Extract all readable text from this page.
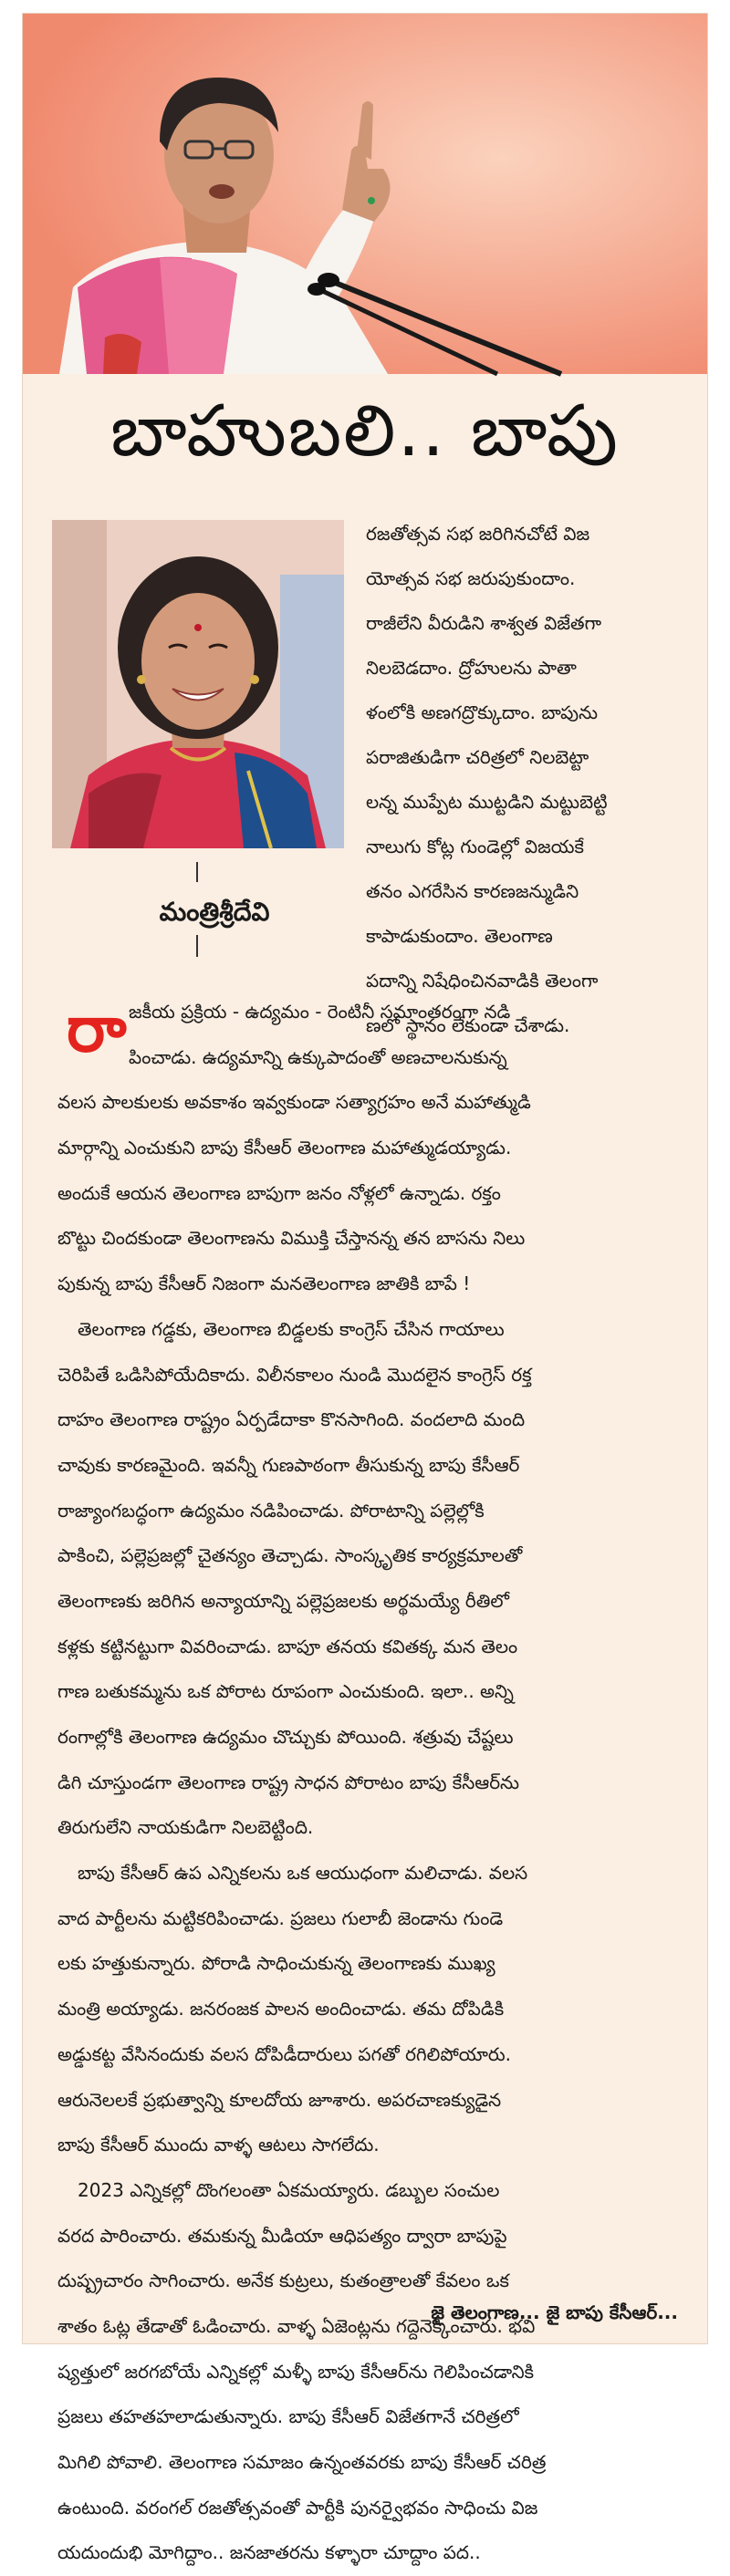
బాహుబలి.. బాపు
మంత్రిశ్రీదేవి
రజతోత్సవ సభ జరిగినచోటే విజ
యోత్సవ సభ జరుపుకుందాం.
రాజీలేని వీరుడిని శాశ్వత విజేతగా
నిలబెడదాం. ద్రోహులను పాతా
ళంలోకి అణగద్రొక్కుదాం. బాపును
పరాజితుడిగా చరిత్రలో నిలబెట్టా
లన్న ముప్పేట ముట్టడిని మట్టుబెట్టి
నాలుగు కోట్ల గుండెల్లో విజయకే
తనం ఎగరేసిన కారణజన్ముడిని
కాపాడుకుందాం. తెలంగాణ
పదాన్ని నిషేధించినవాడికి తెలంగా
ణలో స్థానం లేకుండా చేశాడు.
రా జకీయ ప్రక్రియ - ఉద్యమం - రెంటినీ సమాంతరంగా నడి
పించాడు. ఉద్యమాన్ని ఉక్కుపాదంతో అణచాలనుకున్న
వలస పాలకులకు అవకాశం ఇవ్వకుండా సత్యాగ్రహం అనే మహాత్ముడి
మార్గాన్ని ఎంచుకుని బాపు కేసీఆర్ తెలంగాణ మహాత్ముడయ్యాడు.
అందుకే ఆయన తెలంగాణ బాపుగా జనం నోళ్లలో ఉన్నాడు. రక్తం
బొట్టు చిందకుండా తెలంగాణను విముక్తి చేస్తానన్న తన బాసను నిలు
పుకున్న బాపు కేసీఆర్ నిజంగా మనతెలంగాణ జాతికి బాపే !
తెలంగాణ గడ్డకు, తెలంగాణ బిడ్డలకు కాంగ్రెస్ చేసిన గాయాలు
చెరిపితే ఒడిసిపోయేదికాదు. విలీనకాలం నుండి మొదలైన కాంగ్రెస్ రక్త
దాహం తెలంగాణ రాష్ట్రం ఏర్పడేదాకా కొనసాగింది. వందలాది మంది
చావుకు కారణమైంది. ఇవన్నీ గుణపాఠంగా తీసుకున్న బాపు కేసీఆర్
రాజ్యాంగబద్ధంగా ఉద్యమం నడిపించాడు. పోరాటాన్ని పల్లెల్లోకి
పాకించి, పల్లెప్రజల్లో చైతన్యం తెచ్చాడు. సాంస్కృతిక కార్యక్రమాలతో
తెలంగాణకు జరిగిన అన్యాయాన్ని పల్లెప్రజలకు అర్థమయ్యే రీతిలో
కళ్లకు కట్టినట్టుగా వివరించాడు. బాపూ తనయ కవితక్క మన తెలం
గాణ బతుకమ్మను ఒక పోరాట రూపంగా ఎంచుకుంది. ఇలా.. అన్ని
రంగాల్లోకి తెలంగాణ ఉద్యమం చొచ్చుకు పోయింది. శత్రువు చేష్టలు
డిగి చూస్తుండగా తెలంగాణ రాష్ట్ర సాధన పోరాటం బాపు కేసీఆర్‌ను
తిరుగులేని నాయకుడిగా నిలబెట్టింది.
బాపు కేసీఆర్ ఉప ఎన్నికలను ఒక ఆయుధంగా మలిచాడు. వలస
వాద పార్టీలను మట్టికరిపించాడు. ప్రజలు గులాబీ జెండాను గుండె
లకు హత్తుకున్నారు. పోరాడి సాధించుకున్న తెలంగాణకు ముఖ్య
మంత్రి అయ్యాడు. జనరంజక పాలన అందించాడు. తమ దోపిడికి
అడ్డుకట్ట వేసినందుకు వలస దోపిడీదారులు పగతో రగిలిపోయారు.
ఆరునెలలకే ప్రభుత్వాన్ని కూలదోయ జూశారు. అపరచాణక్యుడైన
బాపు కేసీఆర్ ముందు వాళ్ళ ఆటలు సాగలేదు.
2023 ఎన్నికల్లో దొంగలంతా ఏకమయ్యారు. డబ్బుల సంచుల
వరద పారించారు. తమకున్న మీడియా ఆధిపత్యం ద్వారా బాపుపై
దుష్ప్రచారం సాగించారు. అనేక కుట్రలు, కుతంత్రాలతో కేవలం ఒక
శాతం ఓట్ల తేడాతో ఓడించారు. వాళ్ళ ఏజెంట్లను గద్దెనెక్కించారు. భవి
ష్యత్తులో జరగబోయే ఎన్నికల్లో మళ్ళీ బాపు కేసీఆర్‌ను గెలిపించడానికి
ప్రజలు తహతహలాడుతున్నారు. బాపు కేసీఆర్ విజేతగానే చరిత్రలో
మిగిలి పోవాలి. తెలంగాణ సమాజం ఉన్నంతవరకు బాపు కేసీఆర్ చరిత్ర
ఉంటుంది. వరంగల్ రజతోత్సవంతో పార్టీకి పునర్వైభవం సాధించు విజ
యదుందుభి మోగిద్దాం.. జనజాతరను కళ్ళారా చూద్దాం పద..
జై తెలంగాణ... జై బాపు కేసీఆర్...
